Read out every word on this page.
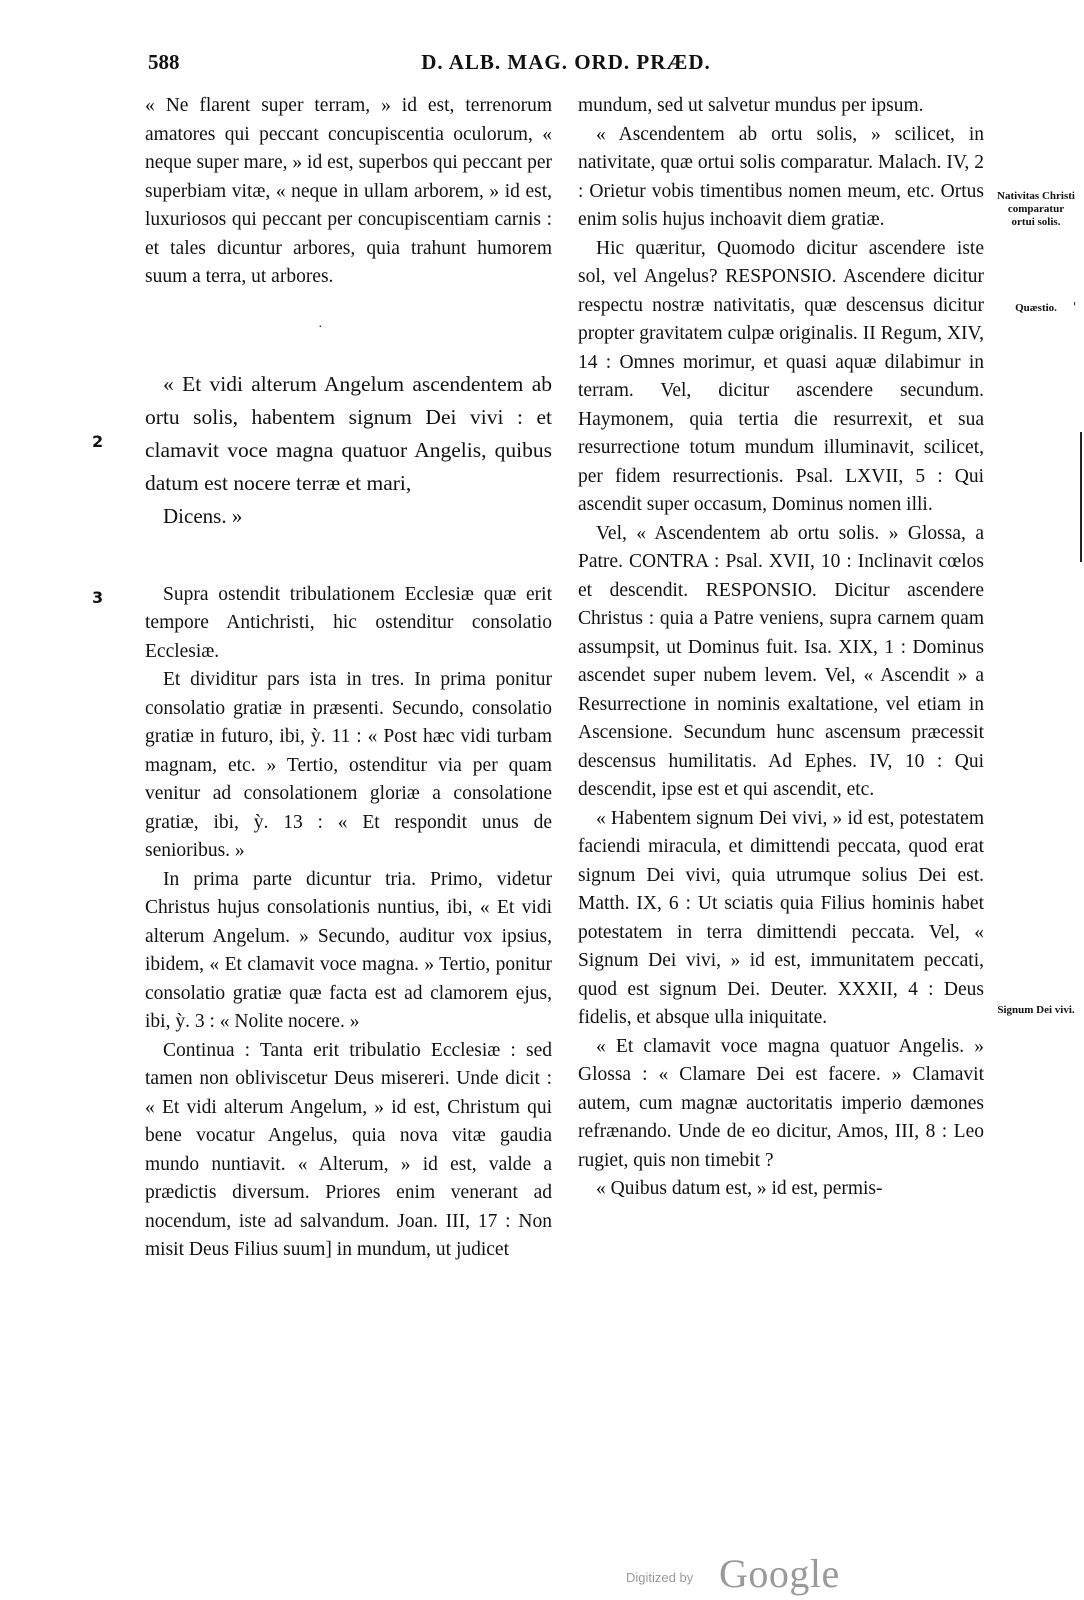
588	D. ALB. MAG. ORD. PRÆD.

« Ne flarent super terram, » id est, terrenorum amatores qui peccant concupiscentia oculorum, « neque super mare, » id est, superbos qui peccant per superbiam vitæ, « neque in ullam arborem, » id est, luxuriosos qui peccant per concupiscentiam carnis : et tales dicuntur arbores, quia trahunt humorem suum a terra, ut arbores.

·

« Et vidi alterum Angelum ascendentem ab ortu solis, habentem signum Dei vivi : et clamavit voce magna quatuor Angelis, quibus datum est nocere terræ et mari,

Dicens. »

Supra ostendit tribulationem Ecclesiæ quæ erit tempore Antichristi, hic ostenditur consolatio Ecclesiæ.

Et dividitur pars ista in tres. In prima ponitur consolatio gratiæ in præsenti. Secundo, consolatio gratiæ in futuro, ibi, ỳ. 11 : « Post hæc vidi turbam magnam, etc. » Tertio, ostenditur via per quam venitur ad consolationem gloriæ a consolatione gratiæ, ibi, ỳ. 13 : « Et respondit unus de senioribus. »

In prima parte dicuntur tria. Primo, videtur Christus hujus consolationis nuntius, ibi, « Et vidi alterum Angelum. » Secundo, auditur vox ipsius, ibidem, « Et clamavit voce magna. » Tertio, ponitur consolatio gratiæ quæ facta est ad clamorem ejus, ibi, ỳ. 3 : « Nolite nocere. »

Continua : Tanta erit tribulatio Ecclesiæ : sed tamen non obliviscetur Deus misereri. Unde dicit : « Et vidi alterum Angelum, » id est, Christum qui bene vocatur Angelus, quia nova vitæ gaudia mundo nuntiavit. « Alterum, » id est, valde a prædictis diversum. Priores enim venerant ad nocendum, iste ad salvandum. Joan. III, 17 : Non misit Deus Filius suum] in mundum, ut judicet

mundum, sed ut salvetur mundus per ipsum.

« Ascendentem ab ortu solis, » scilicet, in nativitate, quæ ortui solis comparatur. Malach. IV, 2 : Orietur vobis timentibus nomen meum, etc. Ortus enim solis hujus inchoavit diem gratiæ.

Hic quæritur, Quomodo dicitur ascendere iste sol, vel Angelus? RESPONSIO. Ascendere dicitur respectu nostræ nativitatis, quæ descensus dicitur propter gravitatem culpæ originalis. II Regum, XIV, 14 : Omnes morimur, et quasi aquæ dilabimur in terram. Vel, dicitur ascendere secundum. Haymonem, quia tertia die resurrexit, et sua resurrectione totum mundum illuminavit, scilicet, per fidem resurrectionis. Psal. LXVII, 5 : Qui ascendit super occasum, Dominus nomen illi.

Vel, « Ascendentem ab ortu solis. » Glossa, a Patre. CONTRA : Psal. XVII, 10 : Inclinavit cœlos et descendit. RESPONSIO. Dicitur ascendere Christus : quia a Patre veniens, supra carnem quam assumpsit, ut Dominus fuit. Isa. XIX, 1 : Dominus ascendet super nubem levem. Vel, « Ascendit » a Resurrectione in nominis exaltatione, vel etiam in Ascensione. Secundum hunc ascensum præcessit descensus humilitatis. Ad Ephes. IV, 10 : Qui descendit, ipse est et qui ascendit, etc.

« Habentem signum Dei vivi, » id est, potestatem faciendi miracula, et dimittendi peccata, quod erat signum Dei vivi, quia utrumque solius Dei est. Matth. IX, 6 : Ut sciatis quia Filius hominis habet potestatem in terra dimittendi peccata. Vel, « Signum Dei vivi, » id est, immunitatem peccati, quod est signum Dei. Deuter. XXXII, 4 : Deus fidelis, et absque ulla iniquitate.

« Et clamavit voce magna quatuor Angelis. » Glossa : « Clamare Dei est facere. » Clamavit autem, cum magnæ auctoritatis imperio dæmones refrænando. Unde de eo dicitur, Amos, III, 8 : Leo rugiet, quis non timebit ?

« Quibus datum est, » id est, permis-

2
3
Nativitas Christi comparatur ortui solis.
Quæstio.
Signum Dei vivi.
'
Digitized by Google
